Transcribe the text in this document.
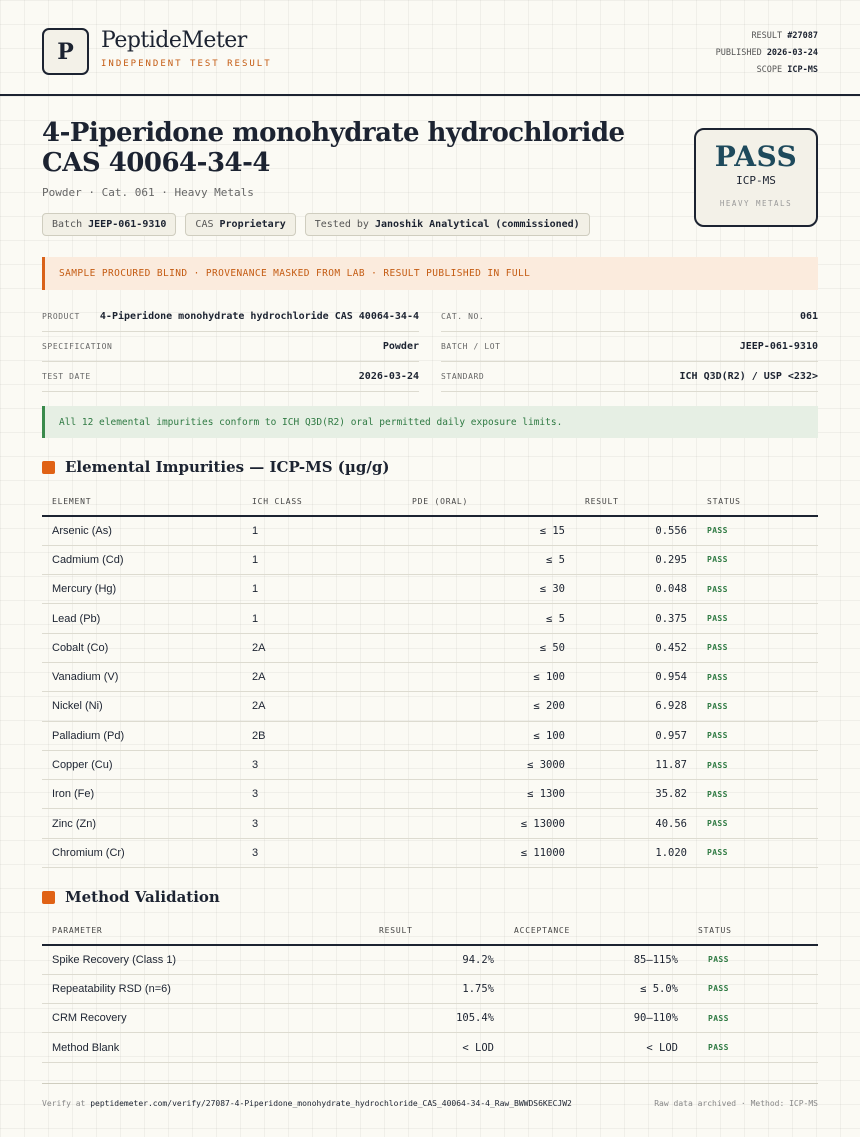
P	PeptideMeter
INDEPENDENT TEST RESULT
RESULT #27087
PUBLISHED 2026-03-24
SCOPE ICP-MS
4-Piperidone monohydrate hydrochloride CAS 40064-34-4
Powder · Cat. 061 · Heavy Metals
Batch JEEP-061-9310	CAS Proprietary	Tested by Janoshik Analytical (commissioned)
PASS
ICP-MS
HEAVY METALS
SAMPLE PROCURED BLIND · PROVENANCE MASKED FROM LAB · RESULT PUBLISHED IN FULL
PRODUCT 4-Piperidone monohydrate hydrochloride CAS 40064-34-4	CAT. NO.	061
SPECIFICATION	Powder	BATCH / LOT	JEEP-061-9310
TEST DATE	2026-03-24	STANDARD	ICH Q3D(R2) / USP <232>
All 12 elemental impurities conform to ICH Q3D(R2) oral permitted daily exposure limits.
Elemental Impurities — ICP-MS (µg/g)
ELEMENT	ICH CLASS	PDE (ORAL)	RESULT	STATUS
Arsenic (As)	1	≤ 15	0.556	PASS
Cadmium (Cd)	1	≤ 5	0.295	PASS
Mercury (Hg)	1	≤ 30	0.048	PASS
Lead (Pb)	1	≤ 5	0.375	PASS
Cobalt (Co)	2A	≤ 50	0.452	PASS
Vanadium (V)	2A	≤ 100	0.954	PASS
Nickel (Ni)	2A	≤ 200	6.928	PASS
Palladium (Pd)	2B	≤ 100	0.957	PASS
Copper (Cu)	3	≤ 3000	11.87	PASS
Iron (Fe)	3	≤ 1300	35.82	PASS
Zinc (Zn)	3	≤ 13000	40.56	PASS
Chromium (Cr)	3	≤ 11000	1.020	PASS
Method Validation
PARAMETER	RESULT	ACCEPTANCE	STATUS
Spike Recovery (Class 1)	94.2%	85–115%	PASS
Repeatability RSD (n=6)	1.75%	≤ 5.0%	PASS
CRM Recovery	105.4%	90–110%	PASS
Method Blank	< LOD	< LOD	PASS
Verify at peptidemeter.com/verify/27087-4-Piperidone_monohydrate_hydrochloride_CAS_40064-34-4_Raw_BWWDS6KECJW2	Raw data archived · Method: ICP-MS
